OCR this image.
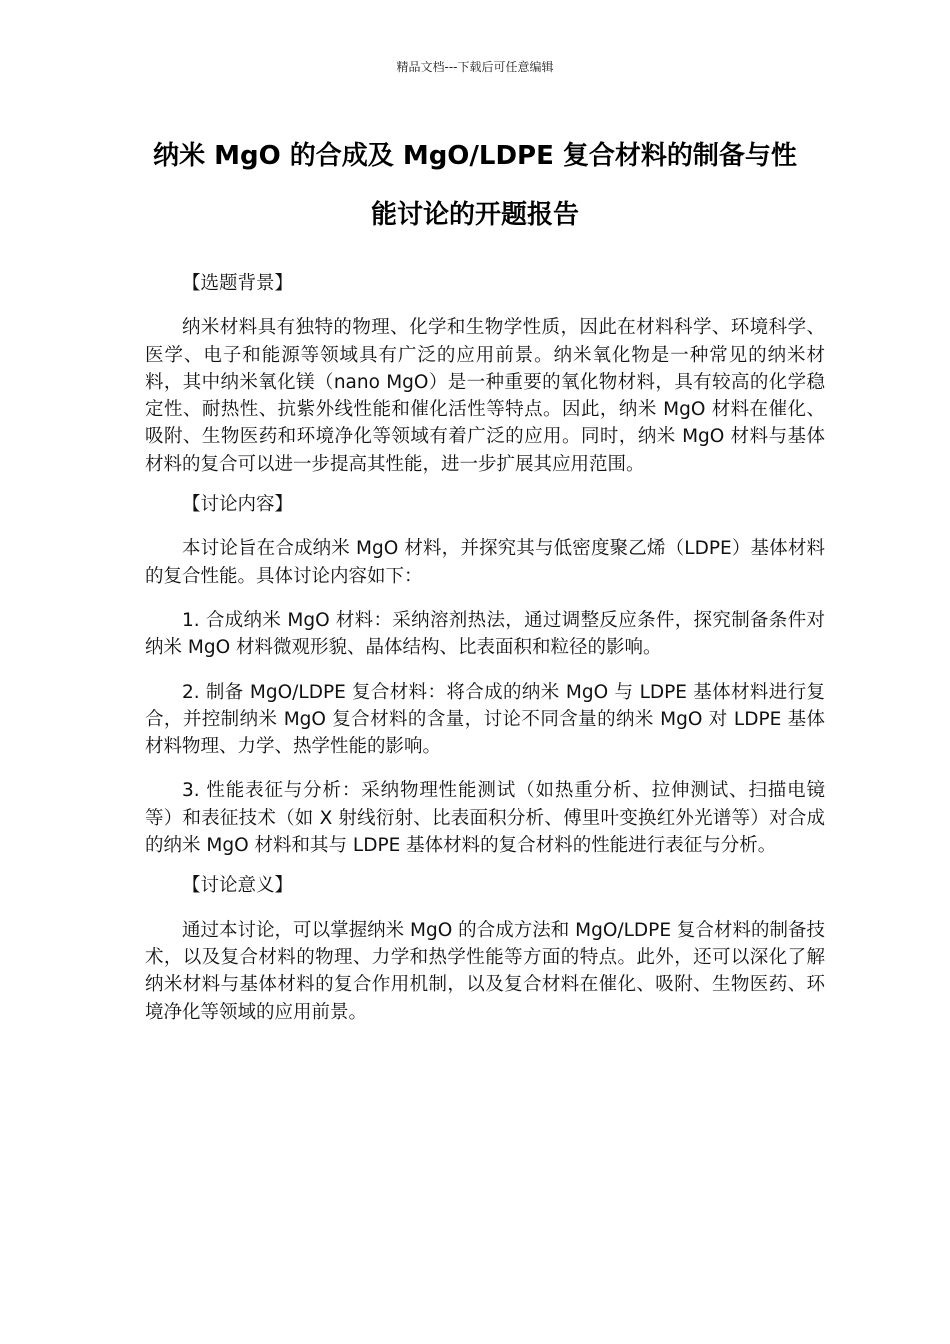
精品文档---下载后可任意编辑
纳米 MgO 的合成及 MgO/LDPE 复合材料的制备与性
能讨论的开题报告

【选题背景】

纳米材料具有独特的物理、化学和生物学性质，因此在材料科学、环境科学、医学、电子和能源等领域具有广泛的应用前景。纳米氧化物是一种常见的纳米材料，其中纳米氧化镁（nano MgO）是一种重要的氧化物材料，具有较高的化学稳定性、耐热性、抗紫外线性能和催化活性等特点。因此，纳米 MgO 材料在催化、吸附、生物医药和环境净化等领域有着广泛的应用。同时，纳米 MgO 材料与基体材料的复合可以进一步提高其性能，进一步扩展其应用范围。

【讨论内容】

本讨论旨在合成纳米 MgO 材料，并探究其与低密度聚乙烯（LDPE）基体材料的复合性能。具体讨论内容如下：

1. 合成纳米 MgO 材料：采纳溶剂热法，通过调整反应条件，探究制备条件对纳米 MgO 材料微观形貌、晶体结构、比表面积和粒径的影响。

2. 制备 MgO/LDPE 复合材料：将合成的纳米 MgO 与 LDPE 基体材料进行复合，并控制纳米 MgO 复合材料的含量，讨论不同含量的纳米 MgO 对 LDPE 基体材料物理、力学、热学性能的影响。

3. 性能表征与分析：采纳物理性能测试（如热重分析、拉伸测试、扫描电镜等）和表征技术（如 X 射线衍射、比表面积分析、傅里叶变换红外光谱等）对合成的纳米 MgO 材料和其与 LDPE 基体材料的复合材料的性能进行表征与分析。

【讨论意义】

通过本讨论，可以掌握纳米 MgO 的合成方法和 MgO/LDPE 复合材料的制备技术，以及复合材料的物理、力学和热学性能等方面的特点。此外，还可以深化了解纳米材料与基体材料的复合作用机制，以及复合材料在催化、吸附、生物医药、环境净化等领域的应用前景。
